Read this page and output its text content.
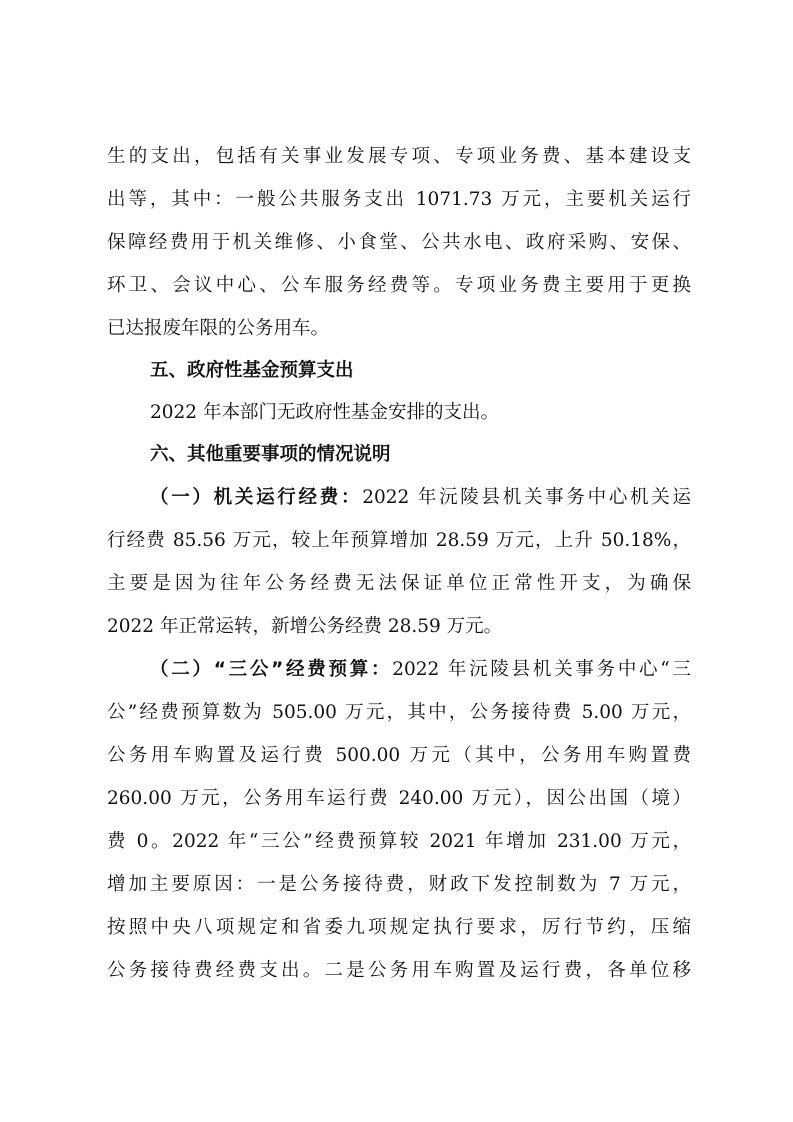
生的支出，包括有关事业发展专项、专项业务费、基本建设支
出等，其中：一般公共服务支出 1071.73 万元，主要机关运行
保障经费用于机关维修、小食堂、公共水电、政府采购、安保、
环卫、会议中心、公车服务经费等。专项业务费主要用于更换
已达报废年限的公务用车。
五、政府性基金预算支出
2022 年本部门无政府性基金安排的支出。
六、其他重要事项的情况说明
（一）机关运行经费：2022 年沅陵县机关事务中心机关运
行经费 85.56 万元，较上年预算增加 28.59 万元，上升 50.18%，
主要是因为往年公务经费无法保证单位正常性开支，为确保
2022 年正常运转，新增公务经费 28.59 万元。
（二）“三公”经费预算：2022 年沅陵县机关事务中心“三
公”经费预算数为 505.00 万元，其中，公务接待费 5.00 万元，
公务用车购置及运行费 500.00 万元（其中，公务用车购置费
260.00 万元，公务用车运行费 240.00 万元），因公出国（境）
费 0。2022 年“三公”经费预算较 2021 年增加 231.00 万元，
增加主要原因：一是公务接待费，财政下发控制数为 7 万元，
按照中央八项规定和省委九项规定执行要求，厉行节约，压缩
公务接待费经费支出。二是公务用车购置及运行费，各单位移
